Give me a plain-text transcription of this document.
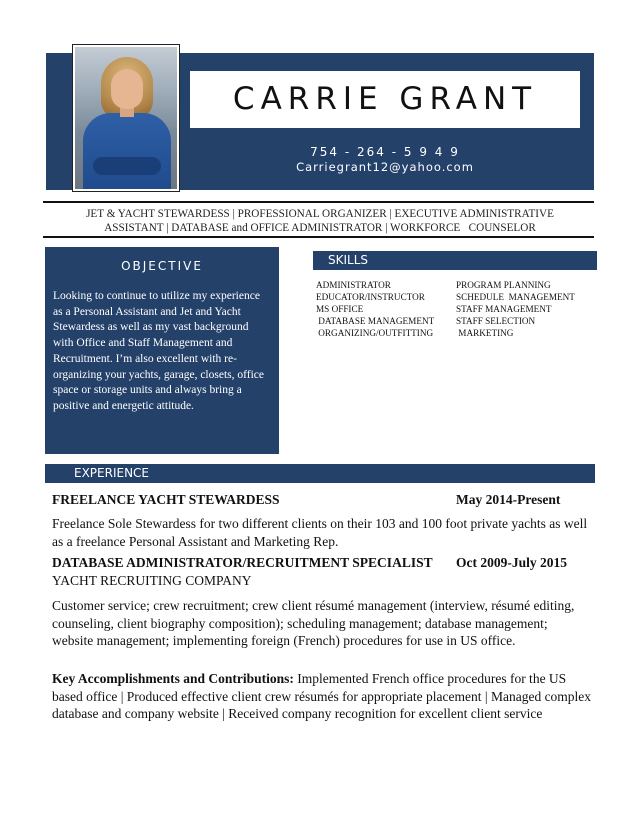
CARRIE GRANT
754 - 264 - 5 9 4 9
Carriegrant12@yahoo.com
JET & YACHT STEWARDESS | PROFESSIONAL ORGANIZER | EXECUTIVE ADMINISTRATIVE
ASSISTANT | DATABASE and OFFICE ADMINISTRATOR | WORKFORCE   COUNSELOR
OBJECTIVE
Looking to continue to utilize my experience as a Personal Assistant and Jet and Yacht Stewardess as well as my vast background with Office and Staff Management and Recruitment. I’m also excellent with re-organizing your yachts, garage, closets, office space or storage units and always bring a positive and energetic attitude.
SKILLS
ADMINISTRATOR
EDUCATOR/INSTRUCTOR
MS OFFICE
DATABASE MANAGEMENT
ORGANIZING/OUTFITTING
PROGRAM PLANNING
SCHEDULE  MANAGEMENT
STAFF MANAGEMENT
STAFF SELECTION
MARKETING
EXPERIENCE
FREELANCE YACHT STEWARDESS	May 2014-Present
Freelance Sole Stewardess for two different clients on their 103 and 100 foot private yachts as well as a freelance Personal Assistant and Marketing Rep.
DATABASE ADMINISTRATOR/RECRUITMENT SPECIALIST Oct 2009-July 2015
YACHT RECRUITING COMPANY
Customer service; crew recruitment; crew client résumé management (interview, résumé editing, counseling, client biography composition); scheduling management; database management; website management; implementing foreign (French) procedures for use in US office.
Key Accomplishments and Contributions: Implemented French office procedures for the US based office | Produced effective client crew résumés for appropriate placement | Managed complex database and company website | Received company recognition for excellent client service
